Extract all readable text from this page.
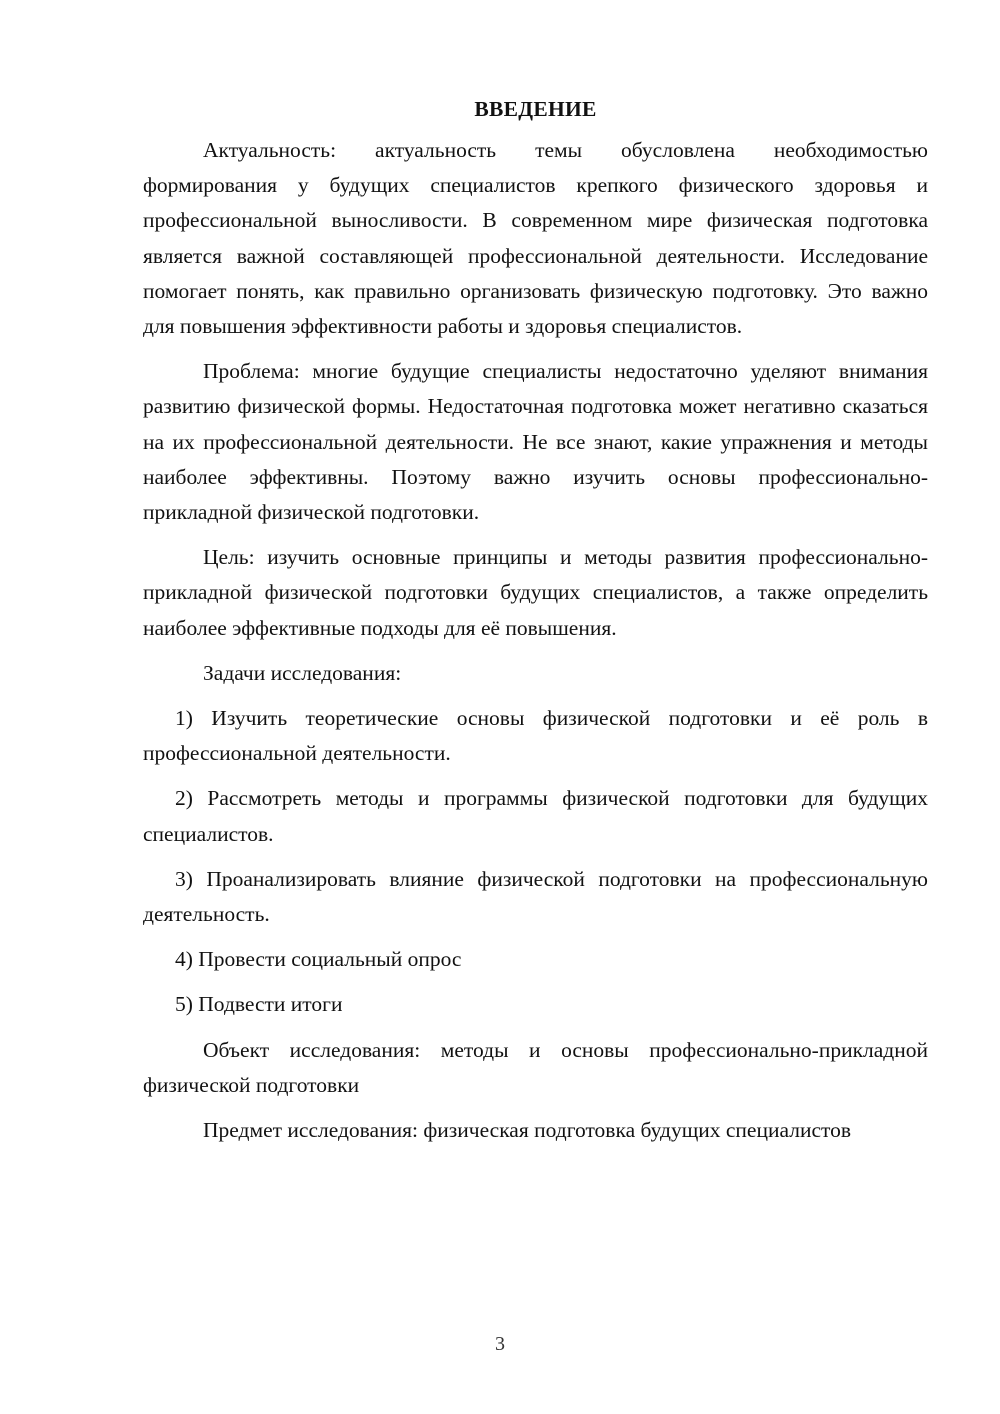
ВВЕДЕНИЕ

Актуальность: актуальность темы обусловлена необходимостью формирования у будущих специалистов крепкого физического здоровья и профессиональной выносливости. В современном мире физическая подготовка является важной составляющей профессиональной деятельности. Исследование помогает понять, как правильно организовать физическую подготовку. Это важно для повышения эффективности работы и здоровья специалистов.

Проблема: многие будущие специалисты недостаточно уделяют внимания развитию физической формы. Недостаточная подготовка может негативно сказаться на их профессиональной деятельности. Не все знают, какие упражнения и методы наиболее эффективны. Поэтому важно изучить основы профессионально-прикладной физической подготовки.

Цель: изучить основные принципы и методы развития профессионально-прикладной физической подготовки будущих специалистов, а также определить наиболее эффективные подходы для её повышения.

Задачи исследования:

1) Изучить теоретические основы физической подготовки и её роль в профессиональной деятельности.

2) Рассмотреть методы и программы физической подготовки для будущих специалистов.

3) Проанализировать влияние физической подготовки на профессиональную деятельность.

4) Провести социальный опрос

5) Подвести итоги

Объект исследования: методы и основы профессионально-прикладной физической подготовки

Предмет исследования: физическая подготовка будущих специалистов

3
